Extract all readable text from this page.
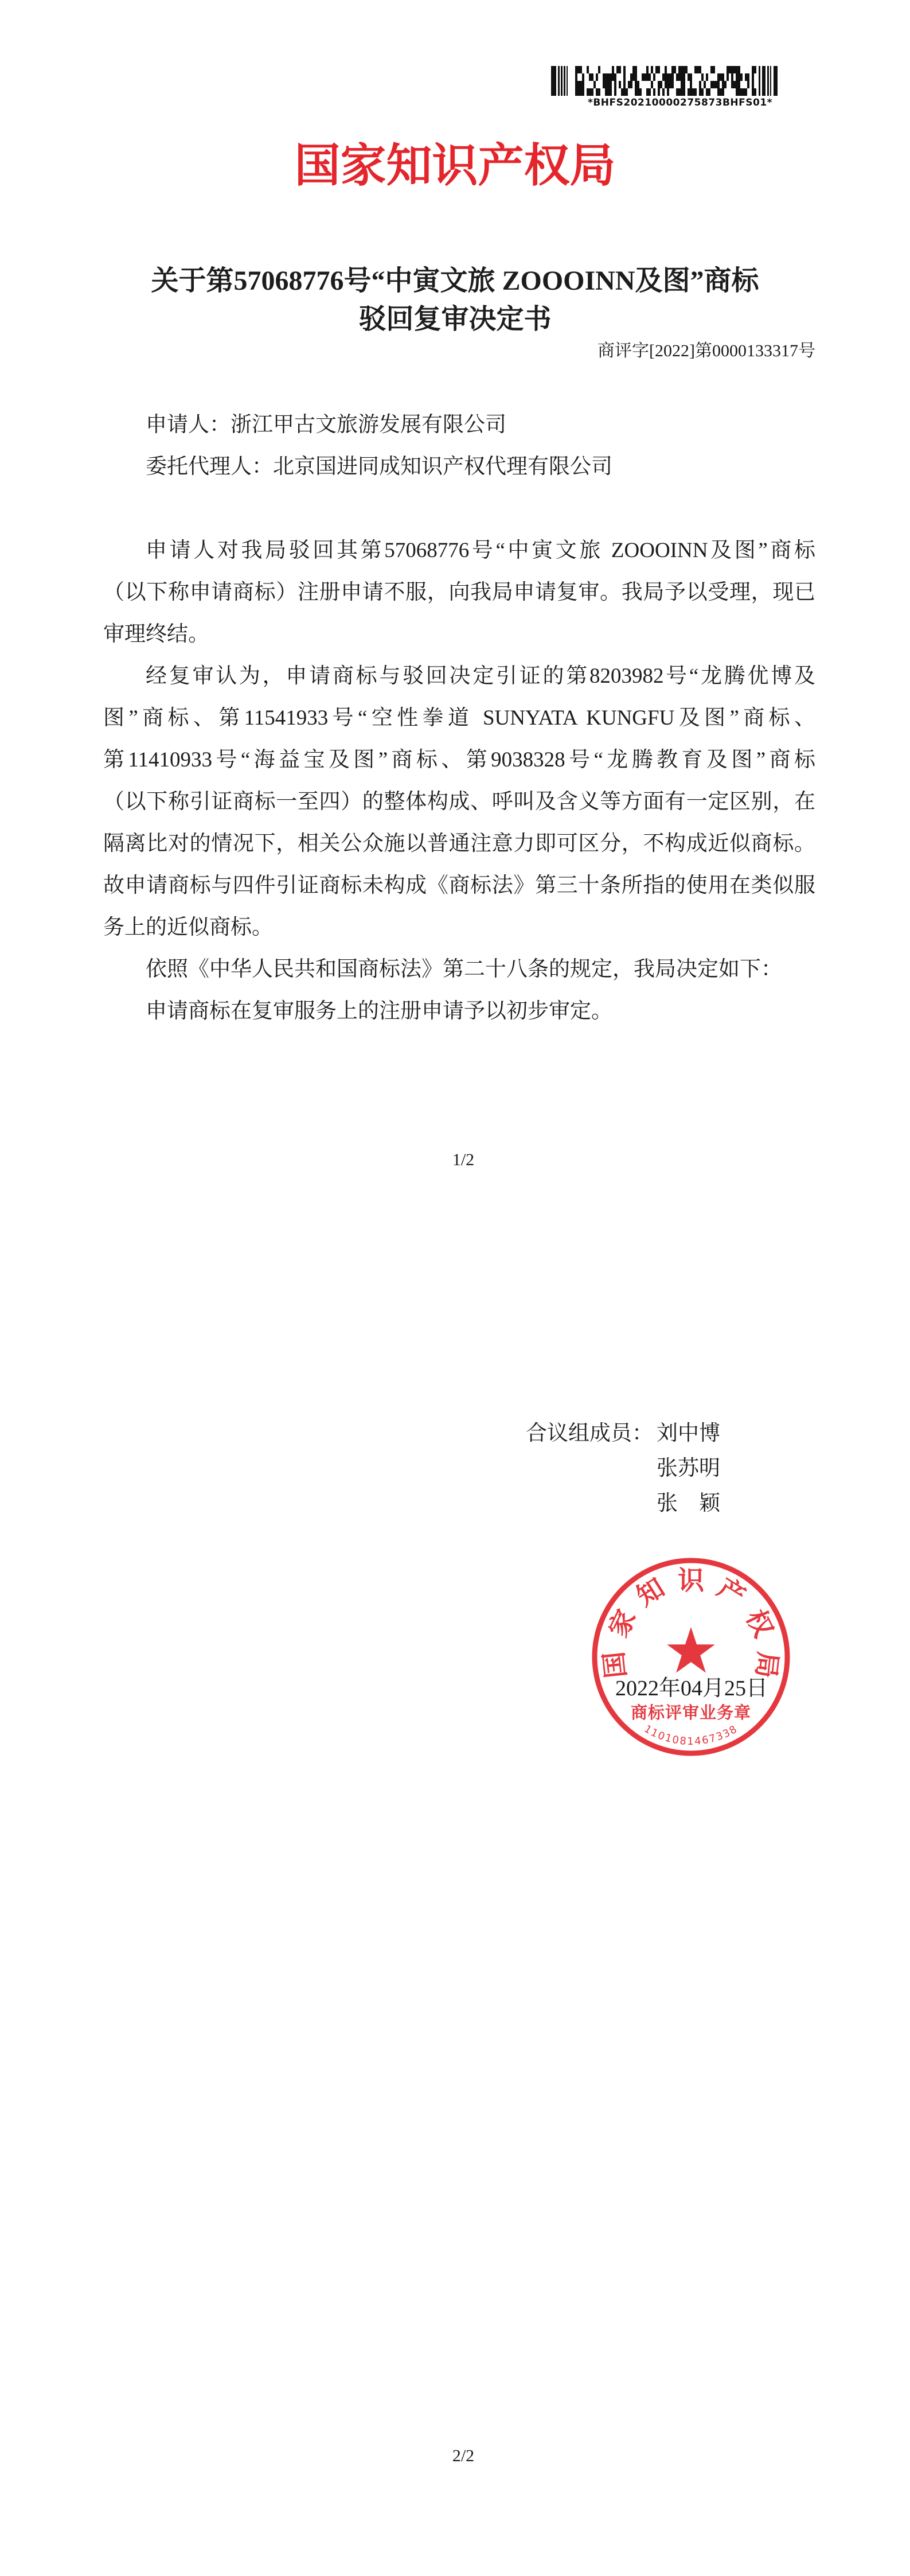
*BHFS20210000275873BHFS01*
国家知识产权局
关于第57068776号“中寅文旅 ZOOOINN及图”商标
驳回复审决定书
商评字[2022]第0000133317号
申请人：浙江甲古文旅游发展有限公司
委托代理人：北京国进同成知识产权代理有限公司
申请人对我局驳回其第57068776号“中寅文旅 ZOOOINN及图”商标
（以下称申请商标）注册申请不服，向我局申请复审。我局予以受理，现已
审理终结。
经复审认为，申请商标与驳回决定引证的第8203982号“龙腾优博及
图”商标、第11541933号“空性拳道 SUNYATA KUNGFU及图”商标、
第11410933号“海益宝及图”商标、第9038328号“龙腾教育及图”商标
（以下称引证商标一至四）的整体构成、呼叫及含义等方面有一定区别，在
隔离比对的情况下，相关公众施以普通注意力即可区分，不构成近似商标。
故申请商标与四件引证商标未构成《商标法》第三十条所指的使用在类似服
务上的近似商标。
依照《中华人民共和国商标法》第二十八条的规定，我局决定如下：
申请商标在复审服务上的注册申请予以初步审定。
1/2
合议组成员： 刘中博
张苏明
张　颖
2022年04月25日
国
家
知 识 产
权
局
商标评审业务章
1101081467338
2/2
